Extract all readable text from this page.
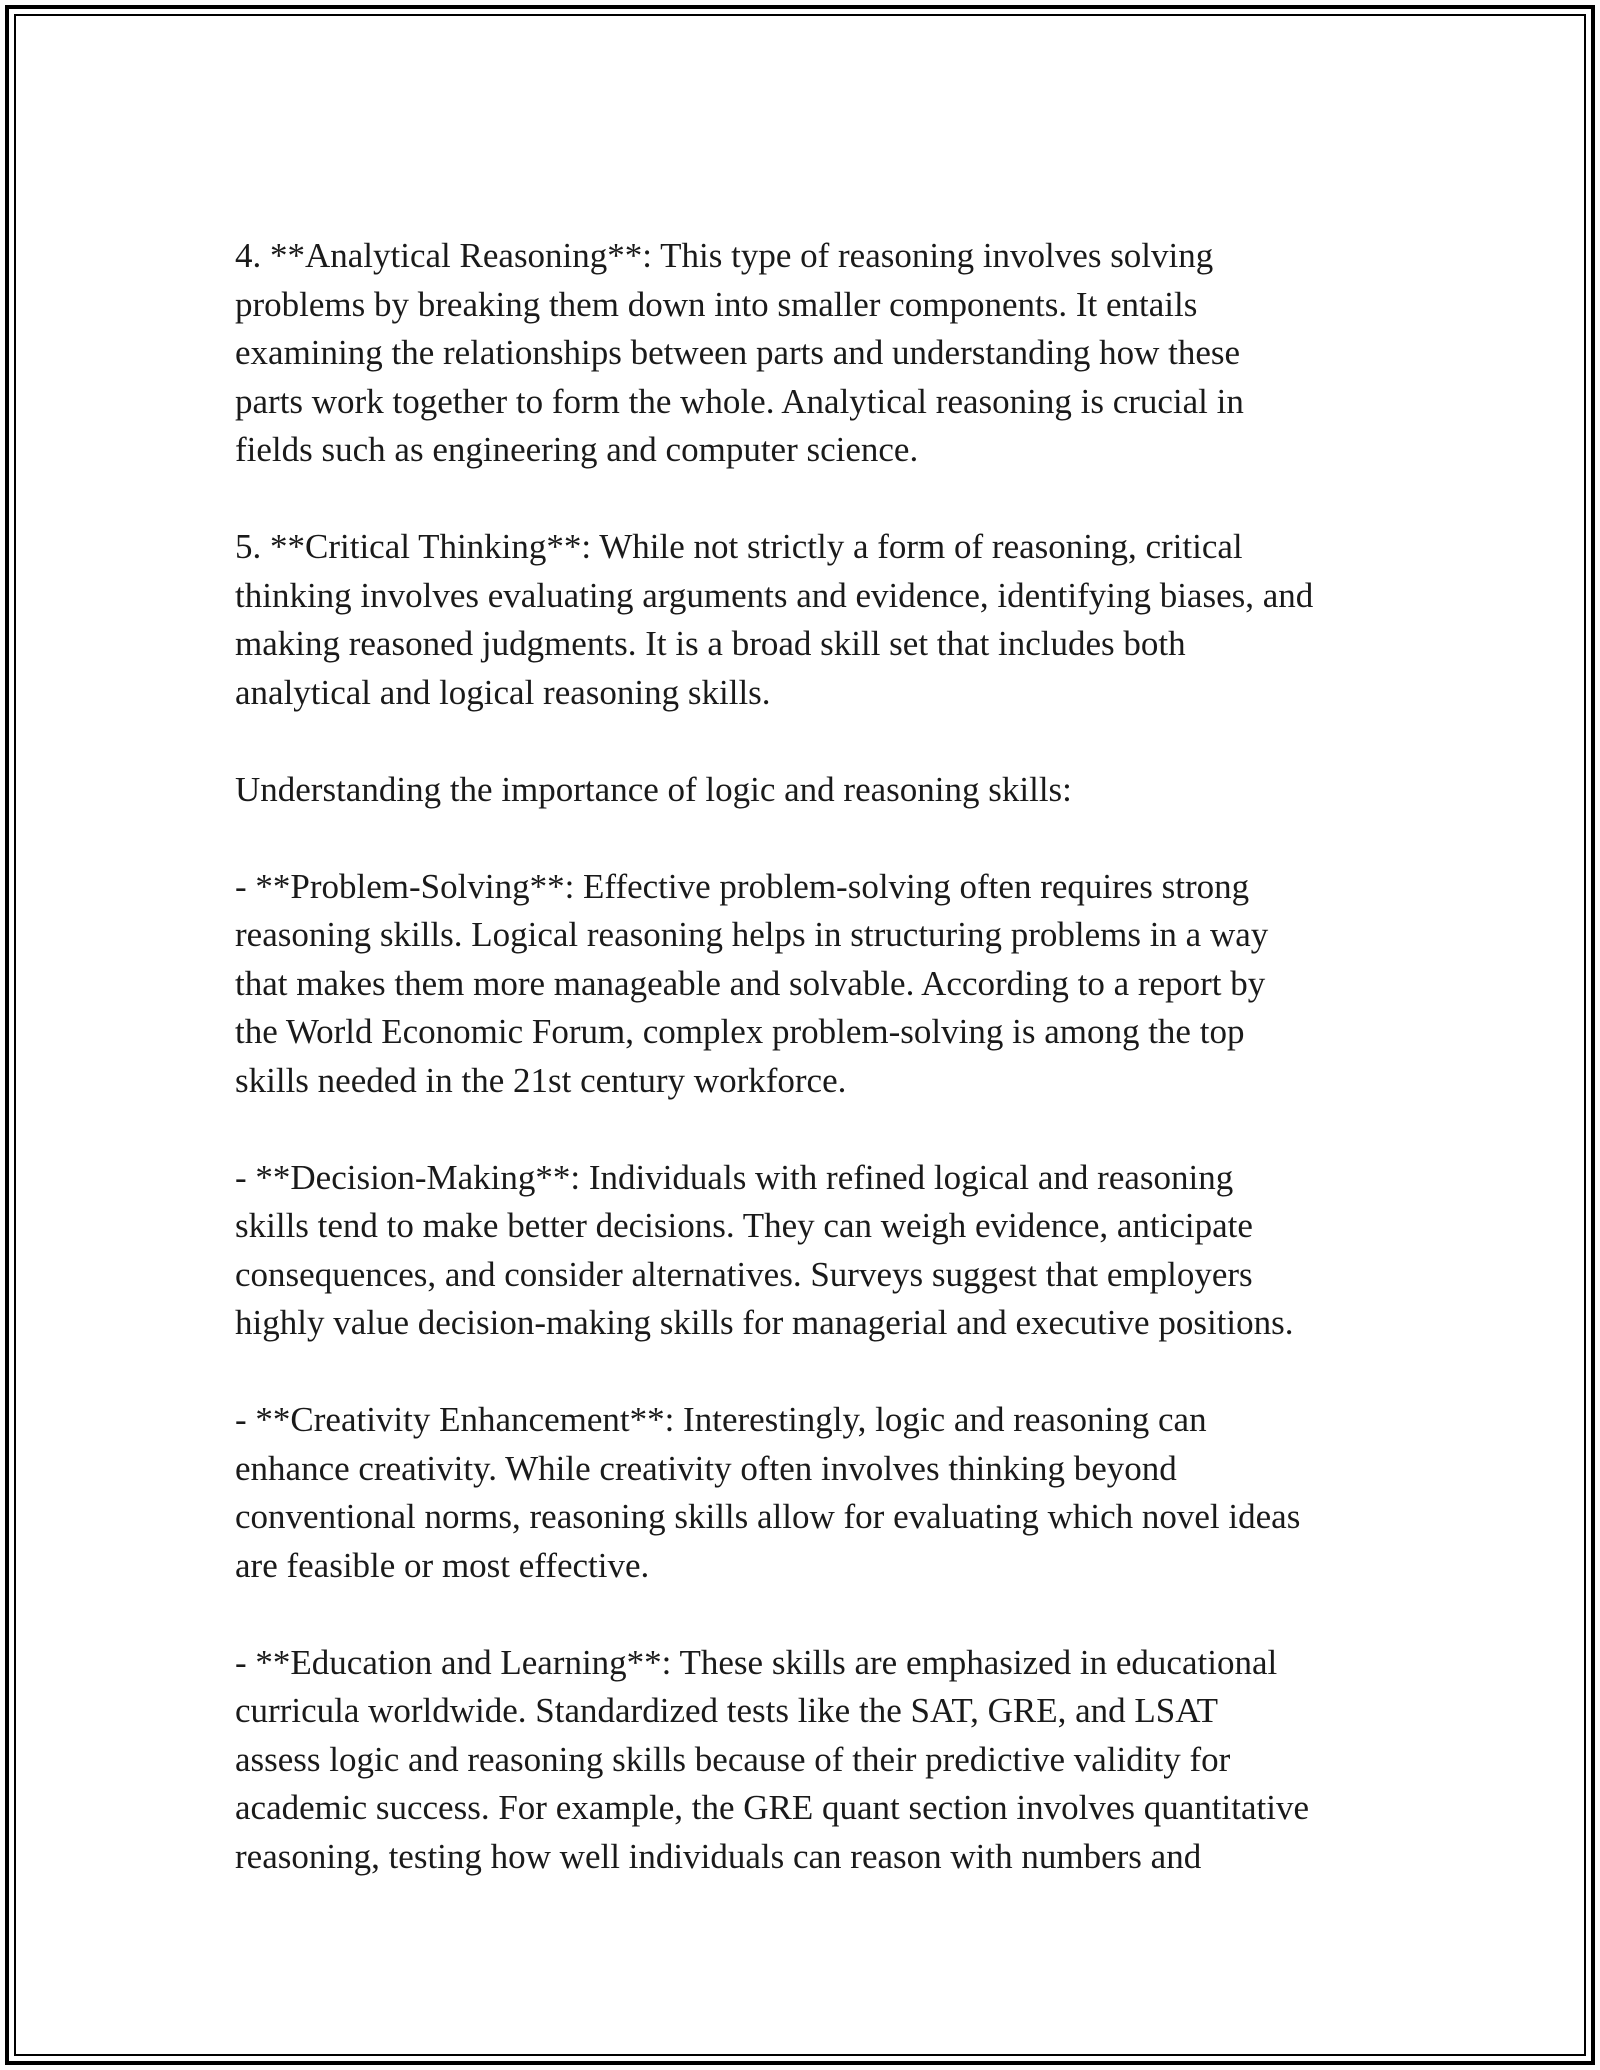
4. **Analytical Reasoning**: This type of reasoning involves solving
problems by breaking them down into smaller components. It entails
examining the relationships between parts and understanding how these
parts work together to form the whole. Analytical reasoning is crucial in
fields such as engineering and computer science.

5. **Critical Thinking**: While not strictly a form of reasoning, critical
thinking involves evaluating arguments and evidence, identifying biases, and
making reasoned judgments. It is a broad skill set that includes both
analytical and logical reasoning skills.

Understanding the importance of logic and reasoning skills:

- **Problem-Solving**: Effective problem-solving often requires strong
reasoning skills. Logical reasoning helps in structuring problems in a way
that makes them more manageable and solvable. According to a report by
the World Economic Forum, complex problem-solving is among the top
skills needed in the 21st century workforce.

- **Decision-Making**: Individuals with refined logical and reasoning
skills tend to make better decisions. They can weigh evidence, anticipate
consequences, and consider alternatives. Surveys suggest that employers
highly value decision-making skills for managerial and executive positions.

- **Creativity Enhancement**: Interestingly, logic and reasoning can
enhance creativity. While creativity often involves thinking beyond
conventional norms, reasoning skills allow for evaluating which novel ideas
are feasible or most effective.

- **Education and Learning**: These skills are emphasized in educational
curricula worldwide. Standardized tests like the SAT, GRE, and LSAT
assess logic and reasoning skills because of their predictive validity for
academic success. For example, the GRE quant section involves quantitative
reasoning, testing how well individuals can reason with numbers and
